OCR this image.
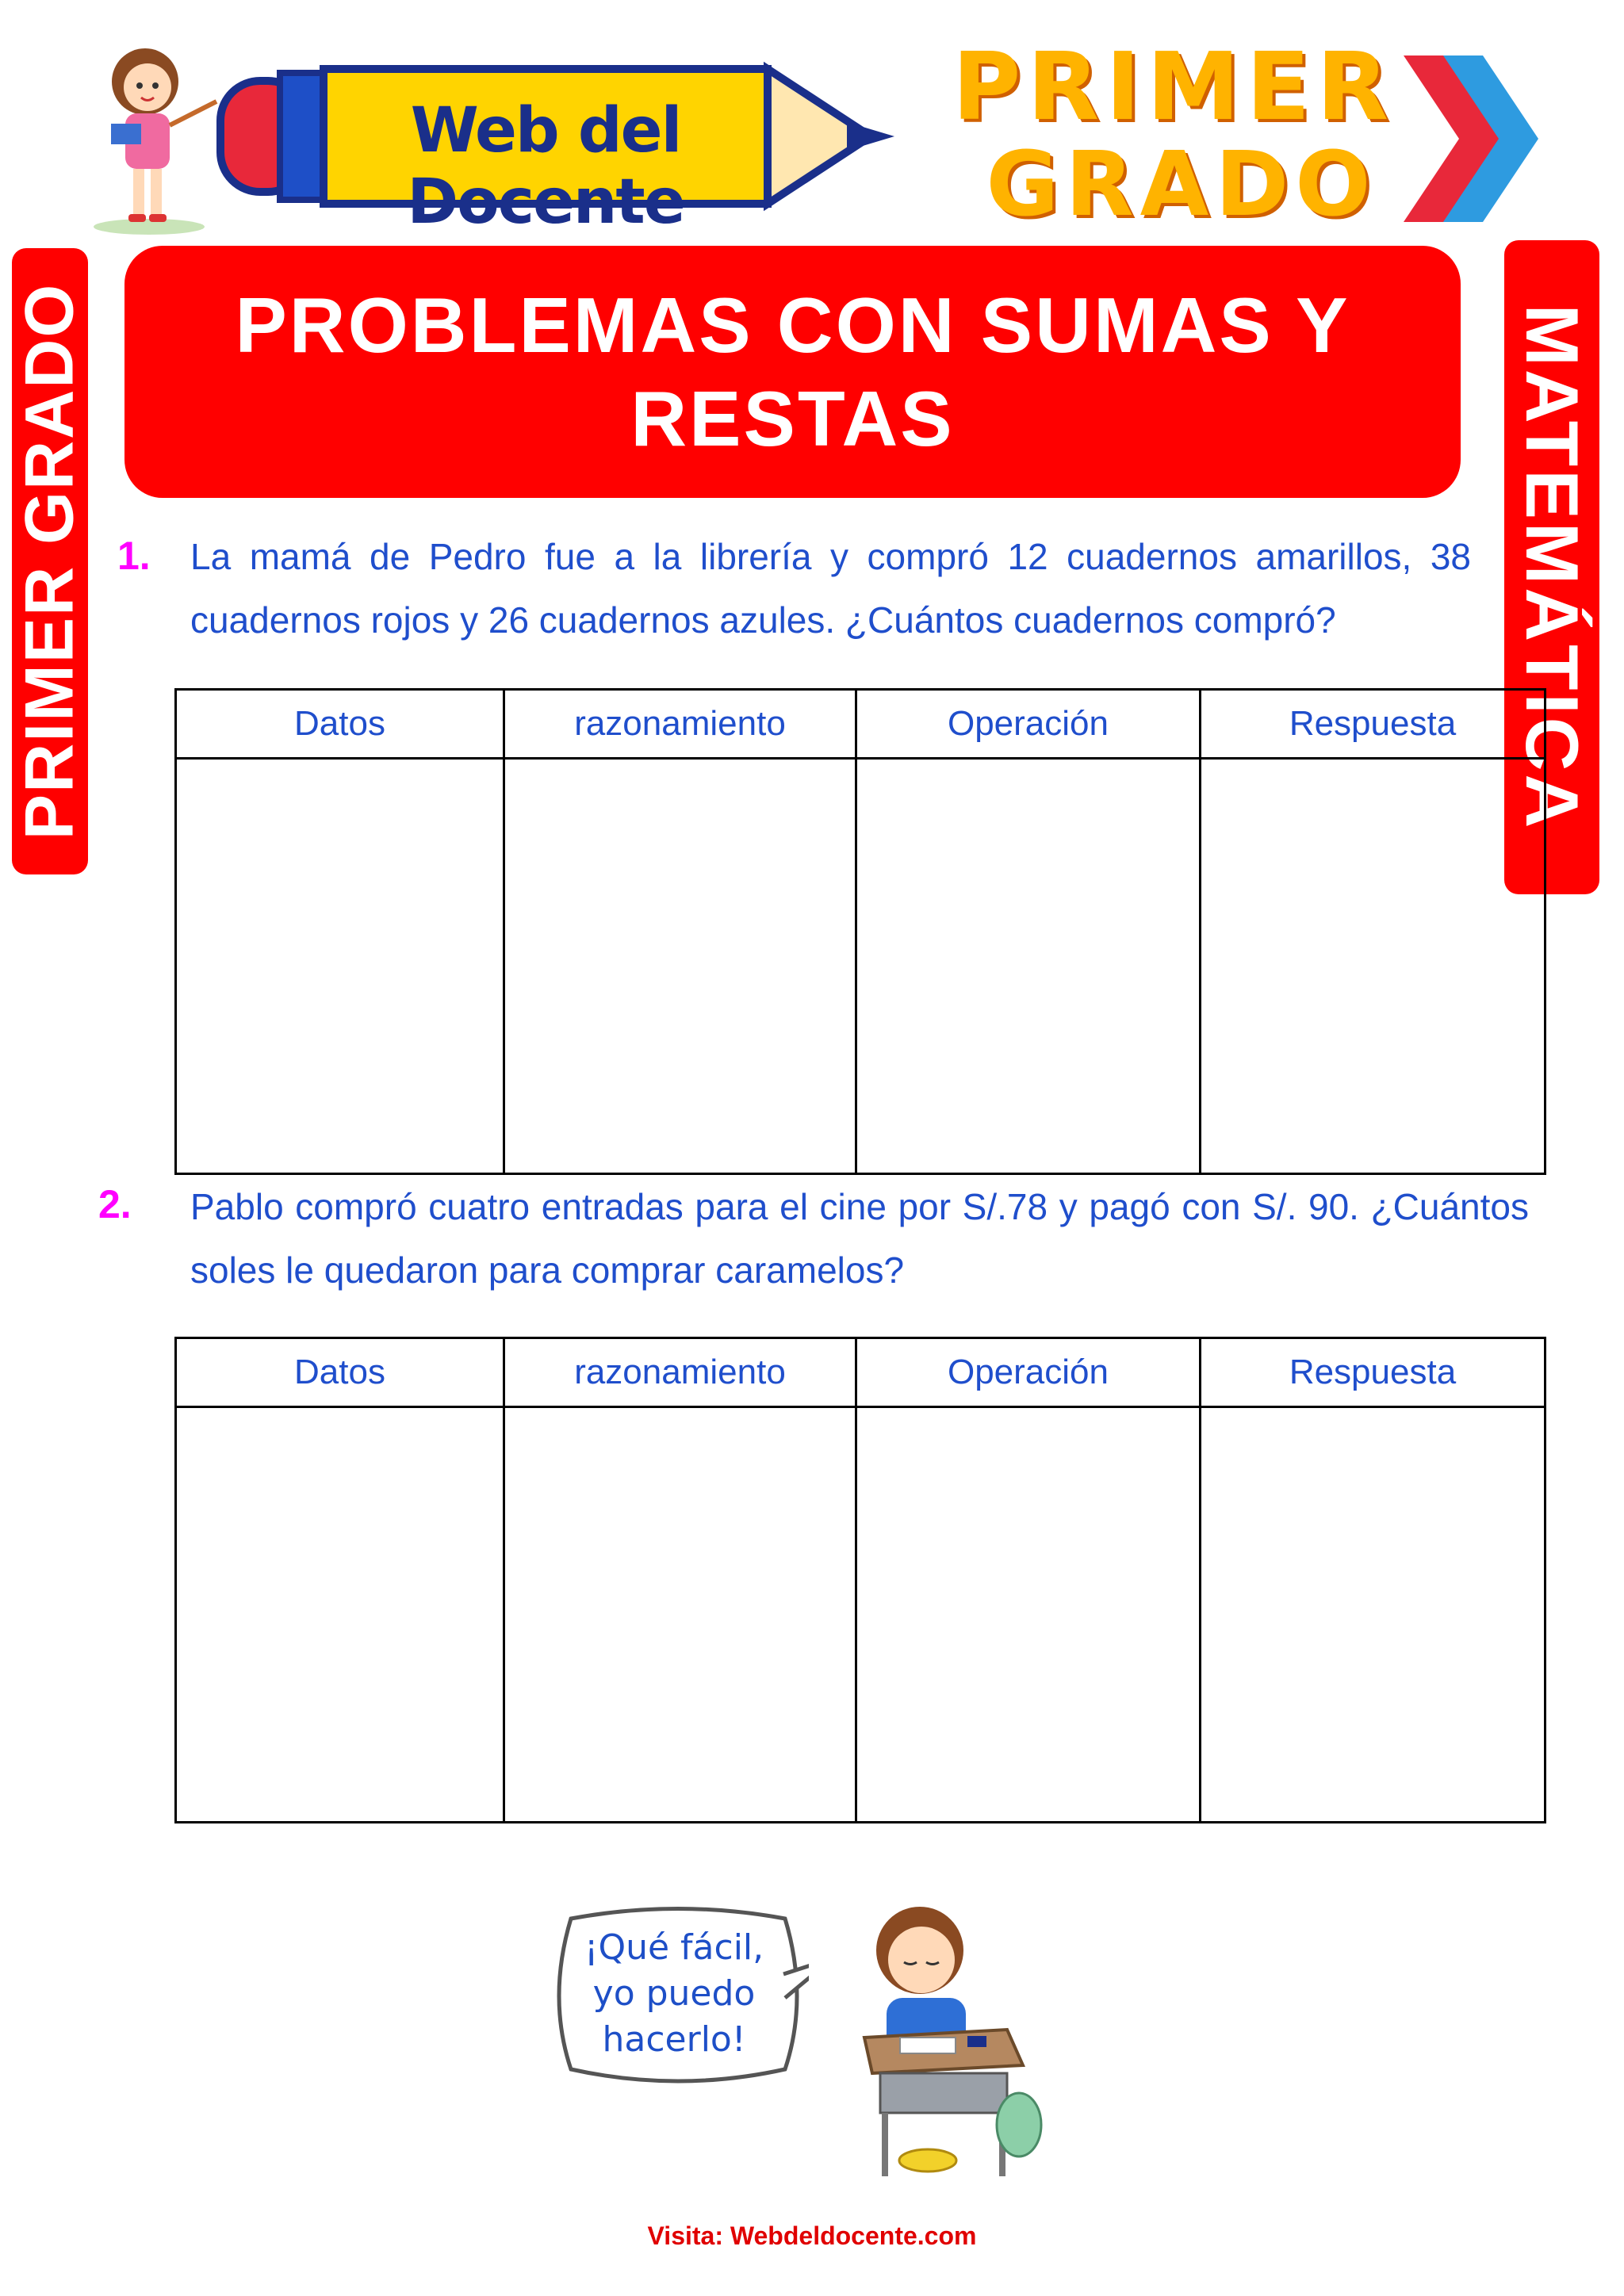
Web del Docente
PRIMER
GRADO
PRIMER GRADO	MATEMÁTICA
PROBLEMAS CON SUMAS Y RESTAS
1. La mamá de Pedro fue a la librería y compró 12 cuadernos amarillos, 38 cuadernos rojos y 26 cuadernos azules. ¿Cuántos cuadernos compró?
Datos	razonamiento	Operación	Respuesta

2. Pablo compró cuatro entradas para el cine por S/.78 y pagó con S/. 90. ¿Cuántos soles le quedaron para comprar caramelos?
Datos	razonamiento	Operación	Respuesta

¡Qué fácil,
yo puedo
hacerlo!
Visita: Webdeldocente.com
